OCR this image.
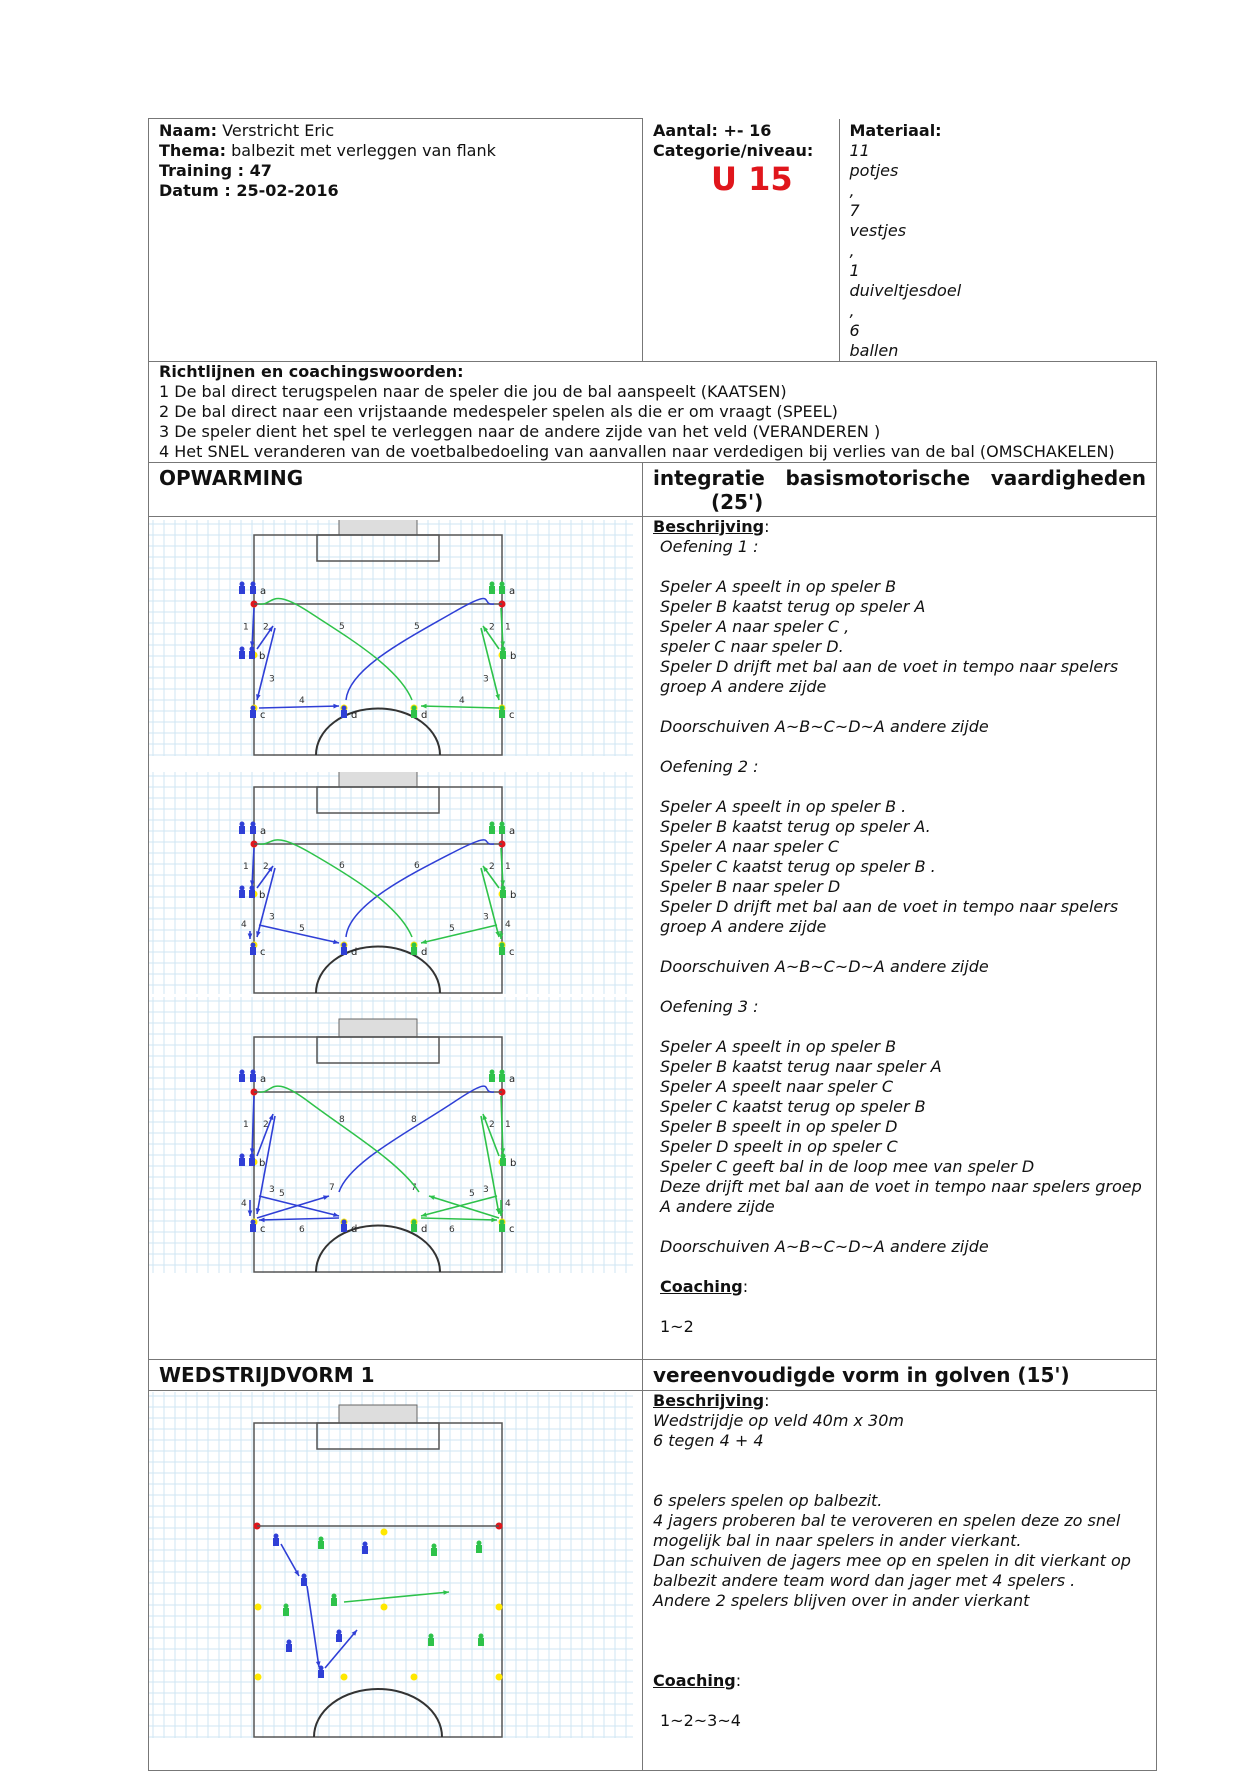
Naam: Verstricht Eric
Thema: balbezit met verleggen van flank
Training : 47
Datum : 25-02-2016

Aantal: +- 16
Categorie/niveau:
U 15
	Materiaal: 11 potjes , 7 vestjes , 1 duiveltjesdoel , 6 ballen

Richtlijnen en coachingswoorden:
1 De bal direct terugspelen naar de speler die jou de bal aanspeelt (KAATSEN)
2 De bal direct naar een vrijstaande medespeler spelen als die er om vraagt (SPEEL)
3 De speler dient het spel te verleggen naar de andere zijde van het veld (VERANDEREN )
4 Het SNEL veranderen van de voetbalbedoeling van aanvallen naar verdedigen bij verlies van de bal (OMSCHAKELEN)

OPWARMING	integratie basismotorische vaardigheden
(25')

a	a
b	b
c	c
d	d
1 2	1
2
3	3
4	4
5	5
a	a
b	b
c	c
d	d
1 2	1
2
3	3
4	4
5	5
6	6
a	a
b	b
c	c
d	d
1 2	1
2
3	3
4	4
5
6
7
5
6
7
8	8

Beschrijving:

Oefening 1 :

Speler A speelt in op speler B

Speler B kaatst terug op speler A

Speler A naar speler C ,

speler C naar speler D.

Speler D drijft met bal aan de voet in tempo naar spelers groep A andere zijde

Doorschuiven A~B~C~D~A andere zijde

Oefening 2 :

Speler A speelt in op speler B .

Speler B kaatst terug op speler A.

Speler A naar speler C

Speler C kaatst terug op speler B .

Speler B naar speler D

Speler D drijft met bal aan de voet in tempo naar spelers groep A andere zijde

Doorschuiven A~B~C~D~A andere zijde

Oefening 3 :

Speler A speelt in op speler B

Speler B kaatst terug naar speler A

Speler A speelt naar speler C

Speler C kaatst terug op speler B

Speler B speelt in op speler D

Speler D speelt in op speler C

Speler C geeft bal in de loop mee van speler D

Deze drijft met bal aan de voet in tempo naar spelers groep A andere zijde

Doorschuiven A~B~C~D~A andere zijde

Coaching:

1~2

WEDSTRIJDVORM 1	vereenvoudigde vorm in golven (15')

Beschrijving:

Wedstrijdje op veld 40m x 30m

6 tegen 4 + 4

6 spelers spelen op balbezit.

4 jagers proberen bal te veroveren en spelen deze zo snel mogelijk bal in naar spelers in ander vierkant.

Dan schuiven de jagers mee op en spelen in dit vierkant op balbezit andere team word dan jager met 4 spelers .

Andere 2 spelers blijven over in ander vierkant

Coaching:

1~2~3~4
